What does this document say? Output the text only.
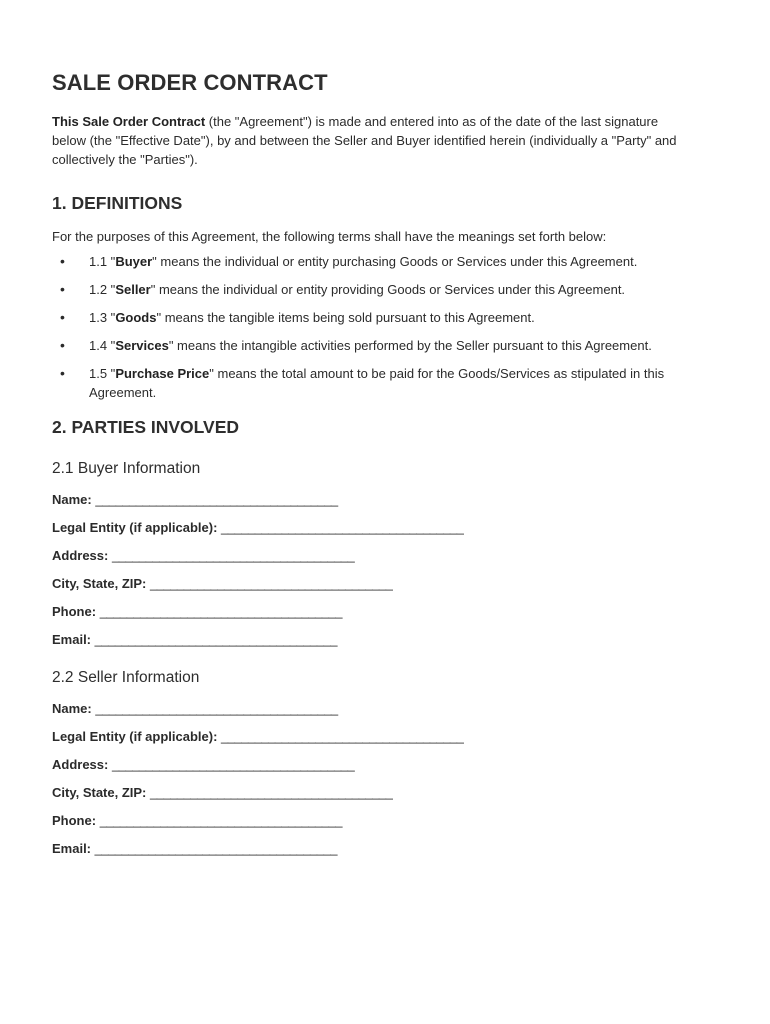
SALE ORDER CONTRACT

This Sale Order Contract (the "Agreement") is made and entered into as of the date of the last signature below (the "Effective Date"), by and between the Seller and Buyer identified herein (individually a "Party" and collectively the "Parties").

1. DEFINITIONS

For the purposes of this Agreement, the following terms shall have the meanings set forth below:

• 1.1 "Buyer" means the individual or entity purchasing Goods or Services under this Agreement.
• 1.2 "Seller" means the individual or entity providing Goods or Services under this Agreement.
• 1.3 "Goods" means the tangible items being sold pursuant to this Agreement.
• 1.4 "Services" means the intangible activities performed by the Seller pursuant to this Agreement.
• 1.5 "Purchase Price" means the total amount to be paid for the Goods/Services as stipulated in this Agreement.
2. PARTIES INVOLVED
2.1 Buyer Information
Name: ____________________________________
Legal Entity (if applicable): ____________________________________
Address: ____________________________________
City, State, ZIP: ____________________________________
Phone: ____________________________________
Email: ____________________________________
2.2 Seller Information
Name: ____________________________________
Legal Entity (if applicable): ____________________________________
Address: ____________________________________
City, State, ZIP: ____________________________________
Phone: ____________________________________
Email: ____________________________________
